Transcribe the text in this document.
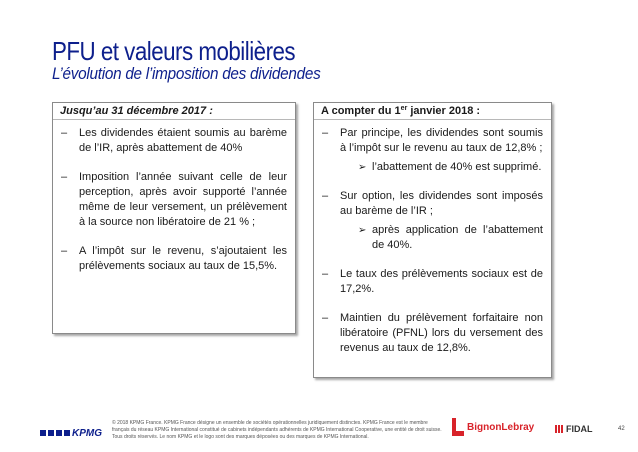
PFU et valeurs mobilières
L’évolution de l’imposition des dividendes
Jusqu’au 31 décembre 2017 :
– Les dividendes étaient soumis au barème de l’IR, après abattement de 40%
– Imposition l’année suivant celle de leur perception, après avoir supporté l’année même de leur versement, un prélèvement à la source non libératoire de 21 % ;
– A l’impôt sur le revenu, s’ajoutaient les prélèvements sociaux au taux de 15,5%.
A compter du 1er janvier 2018 :
– Par principe, les dividendes sont soumis à l’impôt sur le revenu au taux de 12,8% ;
➢ l’abattement de 40% est supprimé.
– Sur option, les dividendes sont imposés au barème de l’IR ;
➢ après application de l’abattement de 40%.
– Le taux des prélèvements sociaux est de 17,2%.
– Maintien du prélèvement forfaitaire non libératoire (PFNL) lors du versement des revenus au taux de 12,8%.
KPMG
© 2018 KPMG France. KPMG France désigne un ensemble de sociétés opérationnelles juridiquement distinctes. KPMG France est le membre français du réseau KPMG International constitué de cabinets indépendants adhérents de KPMG International Cooperative, une entité de droit suisse. Tous droits réservés. Le nom KPMG et le logo sont des marques déposées ou des marques de KPMG International.
BignonLebray	FIDAL	42
